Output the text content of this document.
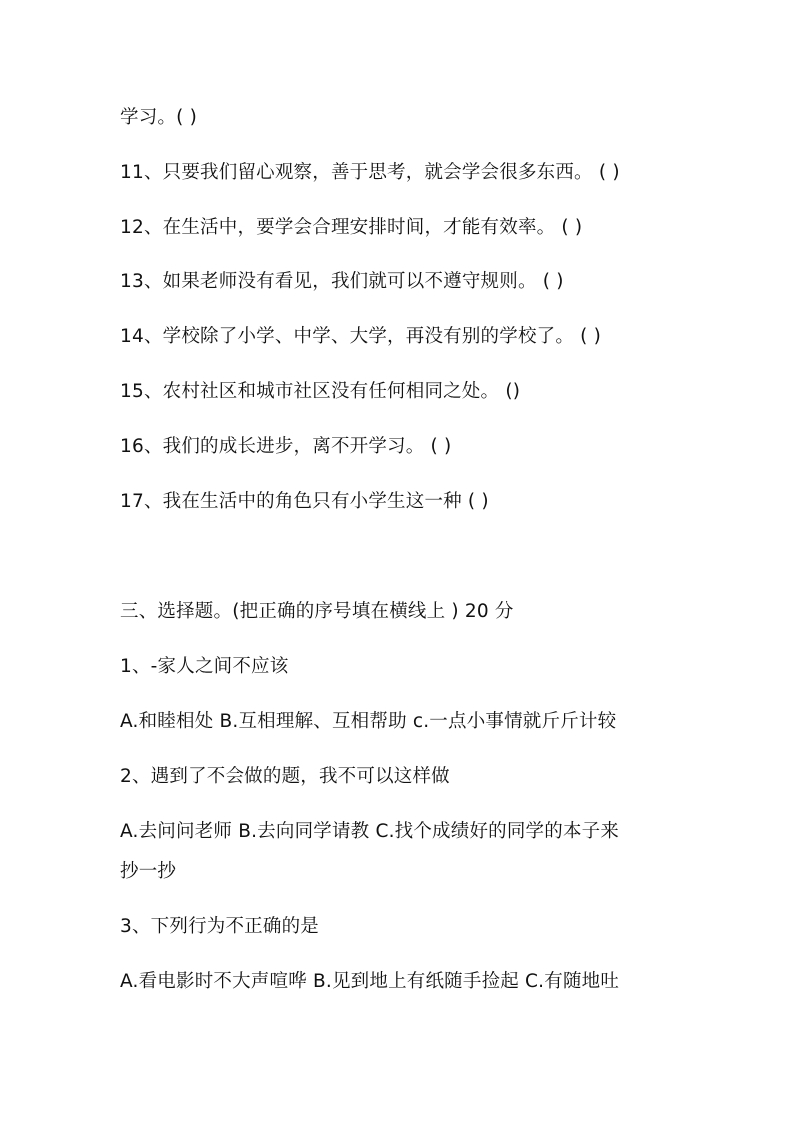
学习。( )
11、只要我们留心观察，善于思考，就会学会很多东西。 ( )
12、在生活中，要学会合理安排时间，才能有效率。 ( )
13、如果老师没有看见，我们就可以不遵守规则。 ( )
14、学校除了小学、中学、大学，再没有别的学校了。 ( )
15、农村社区和城市社区没有任何相同之处。 ()
16、我们的成长进步，离不开学习。 ( )
17、我在生活中的角色只有小学生这一种 ( )
三、选择题。(把正确的序号填在横线上 ) 20 分
1、-家人之间不应该
A.和睦相处 B.互相理解、互相帮助 c.一点小事情就斤斤计较
2、遇到了不会做的题，我不可以这样做
A.去问问老师 B.去向同学请教 C.找个成绩好的同学的本子来
抄一抄
3、下列行为不正确的是
A.看电影时不大声喧哗 B.见到地上有纸随手捡起 C.有随地吐
